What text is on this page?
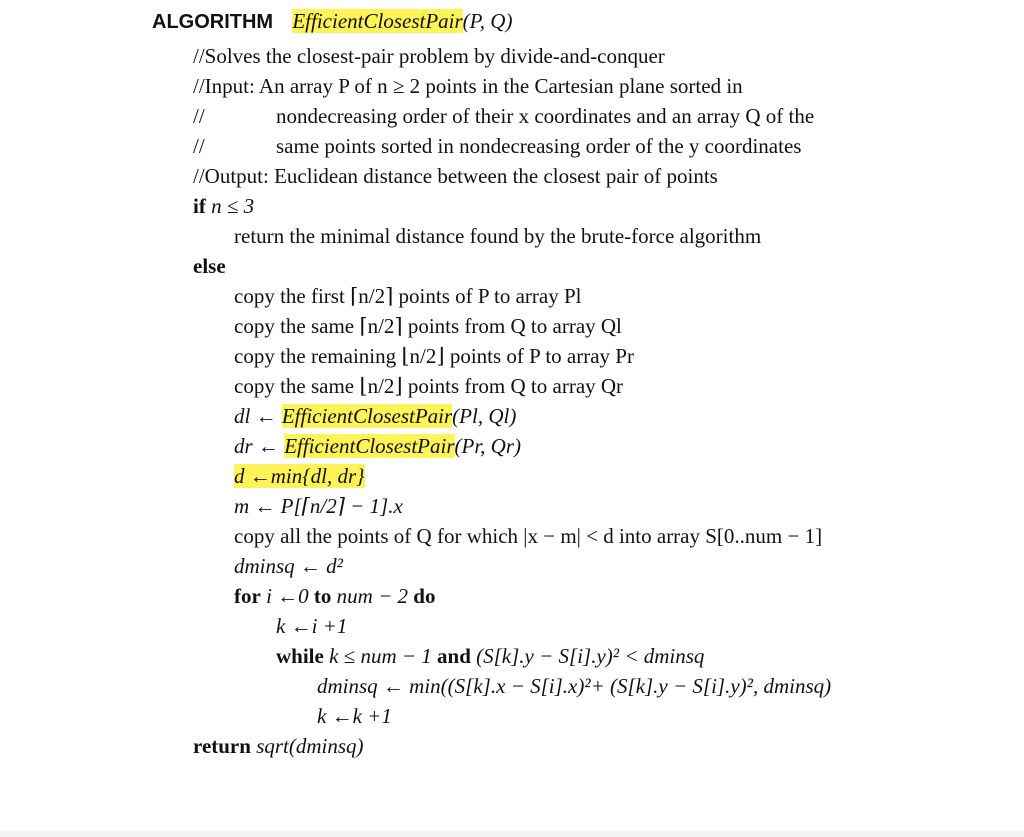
ALGORITHM EfficientClosestPair(P, Q)
//Solves the closest-pair problem by divide-and-conquer
//Input: An array P of n ≥ 2 points in the Cartesian plane sorted in
//	nondecreasing order of their x coordinates and an array Q of the
//	same points sorted in nondecreasing order of the y coordinates
//Output: Euclidean distance between the closest pair of points
if n ≤ 3
return the minimal distance found by the brute-force algorithm
else
copy the first ⌈n/2⌉ points of P to array Pl
copy the same ⌈n/2⌉ points from Q to array Ql
copy the remaining ⌊n/2⌋ points of P to array Pr
copy the same ⌊n/2⌋ points from Q to array Qr
dl ← EfficientClosestPair(Pl, Ql)
dr ← EfficientClosestPair(Pr, Qr)
d ←min{dl, dr}
m ← P[⌈n/2⌉ − 1].x
copy all the points of Q for which |x − m| < d into array S[0..num − 1]
dminsq ← d²
for i ←0 to num − 2 do
k ←i +1
while k ≤ num − 1 and (S[k].y − S[i].y)² < dminsq
dminsq ← min((S[k].x − S[i].x)²+ (S[k].y − S[i].y)², dminsq)
k ←k +1
return sqrt(dminsq)
